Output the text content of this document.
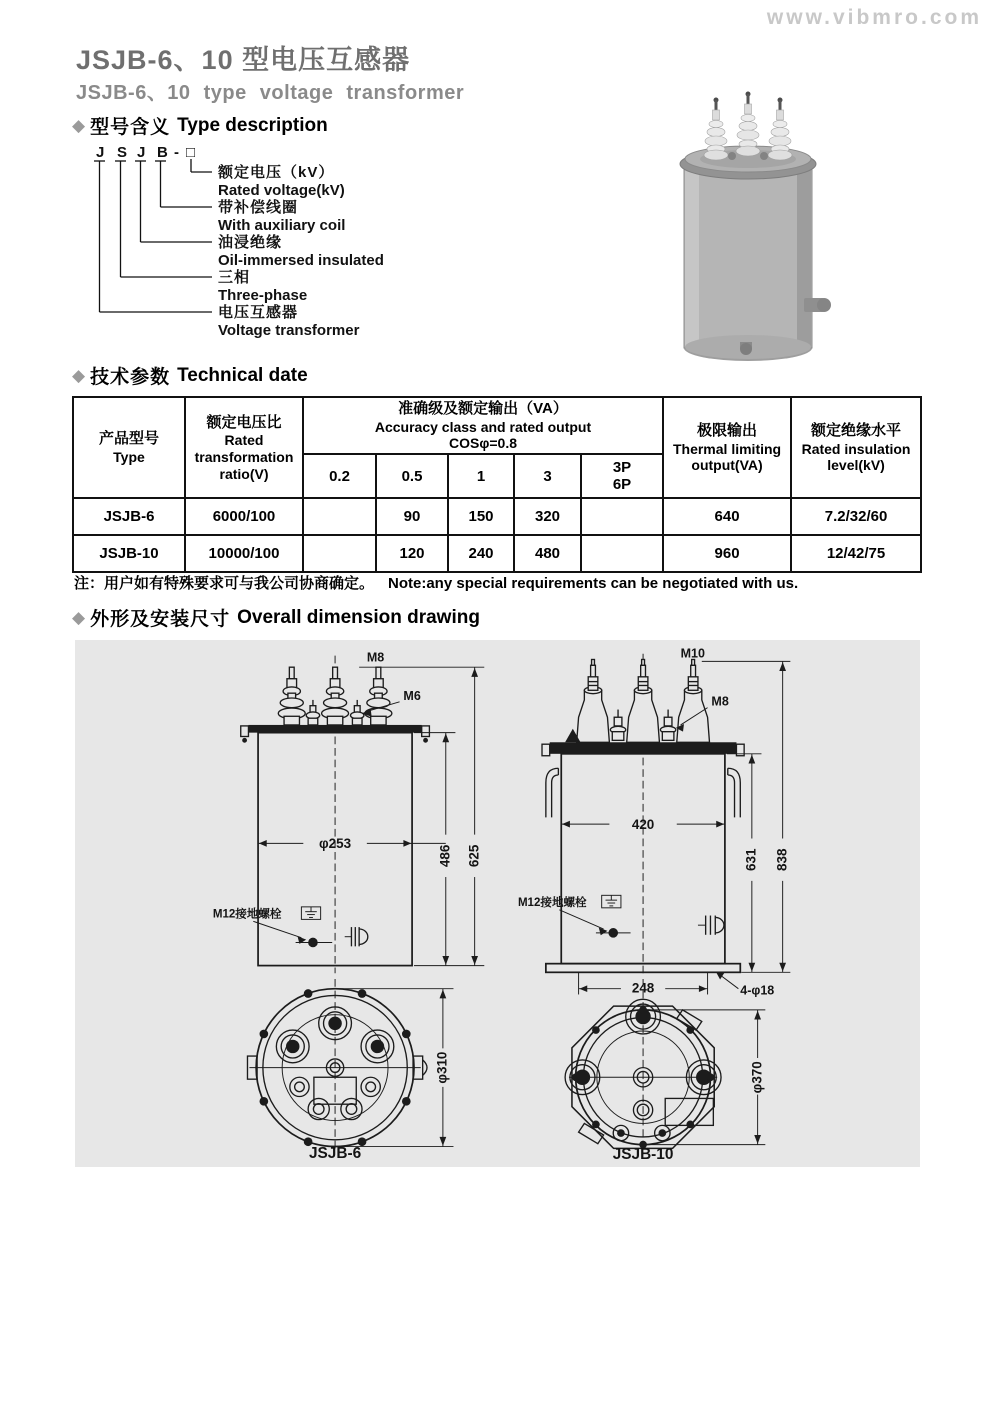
www.vibmro.com
JSJB-6、10 型电压互感器
JSJB-6、10 type voltage transformer
◆ 型号含义 Type description
J S J B - □
额定电压（kV）
Rated voltage(kV)
带补偿线圈
With auxiliary coil
油浸绝缘
Oil-immersed insulated
三相
Three-phase
电压互感器
Voltage transformer
◆ 技术参数 Technical date
产品型号
Type

额定电压比
Rated transformation ratio(V)

准确级及额定输出（VA）
Accuracy class and rated output
COSφ=0.8

极限输出
Thermal limiting output(VA)

额定绝缘水平
Rated insulation level(kV)

		0.2	0.5	1	3	3P
6P		

JSJB-6	6000/100		90	150	320		640	7.2/32/60
JSJB-10	10000/100		120	240	480		960	12/42/75
注：用户如有特殊要求可与我公司协商确定。 Note:any special requirements can be negotiated with us.
◆ 外形及安装尺寸 Overall dimension drawing
φ253
486 625
M8
M6
M12接地螺栓
φ310
JSJB-6
420
631 838
M10
M8
M12接地螺栓
248	4-φ18
φ370
JSJB-10
